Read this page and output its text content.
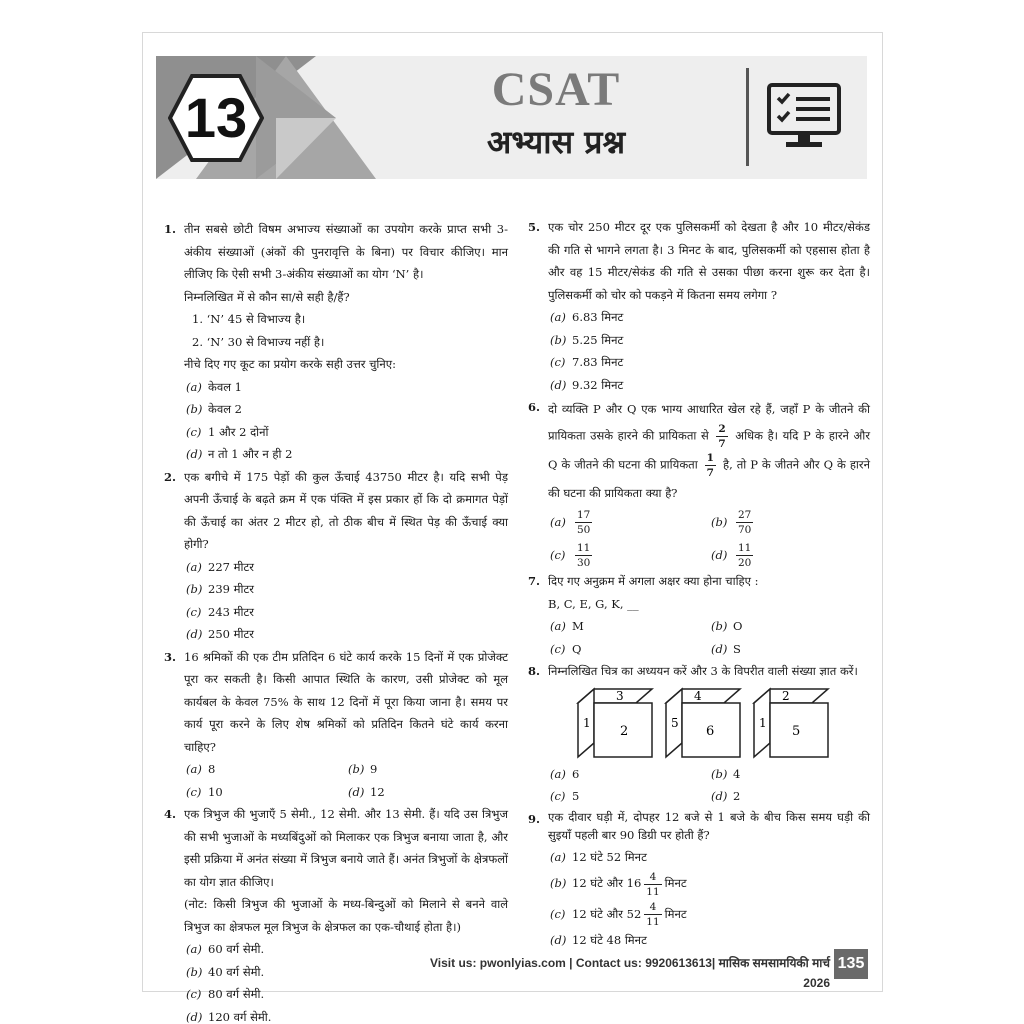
13	CSAT
अभ्यास प्रश्न
1. तीन सबसे छोटी विषम अभाज्य संख्याओं का उपयोग करके प्राप्त सभी 3-अंकीय संख्याओं (अंकों की पुनरावृत्ति के बिना) पर विचार कीजिए। मान लीजिए कि ऐसी सभी 3-अंकीय संख्याओं का योग ‘N’ है।
निम्नलिखित में से कौन सा/से सही है/हैं?
1. ‘N’ 45 से विभाज्य है।
2. ‘N’ 30 से विभाज्य नहीं है।
नीचे दिए गए कूट का प्रयोग करके सही उत्तर चुनिए:
(a) केवल 1
(b) केवल 2
(c) 1 और 2 दोनों
(d) न तो 1 और न ही 2
2. एक बगीचे में 175 पेड़ों की कुल ऊँचाई 43750 मीटर है। यदि सभी पेड़ अपनी ऊँचाई के बढ़ते क्रम में एक पंक्ति में इस प्रकार हों कि दो क्रमागत पेड़ों की ऊँचाई का अंतर 2 मीटर हो, तो ठीक बीच में स्थित पेड़ की ऊँचाई क्या होगी?
(a) 227 मीटर
(b) 239 मीटर
(c) 243 मीटर
(d) 250 मीटर
3. 16 श्रमिकों की एक टीम प्रतिदिन 6 घंटे कार्य करके 15 दिनों में एक प्रोजेक्ट पूरा कर सकती है। किसी आपात स्थिति के कारण, उसी प्रोजेक्ट को मूल कार्यबल के केवल 75% के साथ 12 दिनों में पूरा किया जाना है। समय पर कार्य पूरा करने के लिए शेष श्रमिकों को प्रतिदिन कितने घंटे कार्य करना चाहिए?
(a) 8	(b) 9
(c) 10	(d) 12
4. एक त्रिभुज की भुजाएँ 5 सेमी., 12 सेमी. और 13 सेमी. हैं। यदि उस त्रिभुज की सभी भुजाओं के मध्यबिंदुओं को मिलाकर एक त्रिभुज बनाया जाता है, और इसी प्रक्रिया में अनंत संख्या में त्रिभुज बनाये जाते हैं। अनंत त्रिभुजों के क्षेत्रफलों का योग ज्ञात कीजिए।
(नोट: किसी त्रिभुज की भुजाओं के मध्य-बिन्दुओं को मिलाने से बनने वाले त्रिभुज का क्षेत्रफल मूल त्रिभुज के क्षेत्रफल का एक-चौथाई होता है।)
(a) 60 वर्ग सेमी.
(b) 40 वर्ग सेमी.
(c) 80 वर्ग सेमी.
(d) 120 वर्ग सेमी.
5. एक चोर 250 मीटर दूर एक पुलिसकर्मी को देखता है और 10 मीटर/सेकंड की गति से भागने लगता है। 3 मिनट के बाद, पुलिसकर्मी को एहसास होता है और वह 15 मीटर/सेकंड की गति से उसका पीछा करना शुरू कर देता है। पुलिसकर्मी को चोर को पकड़ने में कितना समय लगेगा ?
(a) 6.83 मिनट
(b) 5.25 मिनट
(c) 7.83 मिनट
(d) 9.32 मिनट
6. दो व्यक्ति P और Q एक भाग्य आधारित खेल रहे हैं, जहाँ P के जीतने की प्रायिकता उसके हारने की प्रायिकता से $\frac{2}{7}$ अधिक है। यदि P के हारने और Q के जीतने की घटना की प्रायिकता $\frac{1}{7}$ है, तो P के जीतने और Q के हारने की घटना की प्रायिकता क्या है?
$(a) \frac{17}{50}$	$(b) \frac{27}{70}$
$(c) \frac{11}{30}$	$(d) \frac{11}{20}$
7. दिए गए अनुक्रम में अगला अक्षर क्या होना चाहिए :
B, C, E, G, K, __
(a) M	(b) O
(c) Q	(d) S
8. निम्नलिखित चित्र का अध्ययन करें और 3 के विपरीत वाली संख्या ज्ञात करें।
3
1
2
4
5
6
2
1
5
(a) 6	(b) 4
(c) 5	(d) 2
9. एक दीवार घड़ी में, दोपहर 12 बजे से 1 बजे के बीच किस समय घड़ी की सुइयाँ पहली बार 90 डिग्री पर होती हैं?
(a) 12 घंटे 52 मिनट
(b) 12 घंटे और $16 \frac{4}{11}$ मिनट
(c) 12 घंटे और $52 \frac{4}{11}$ मिनट
(d) 12 घंटे 48 मिनट
Visit us: pwonlyias.com | Contact us: 9920613613| मासिक समसामयिकी मार्च 2026
135
